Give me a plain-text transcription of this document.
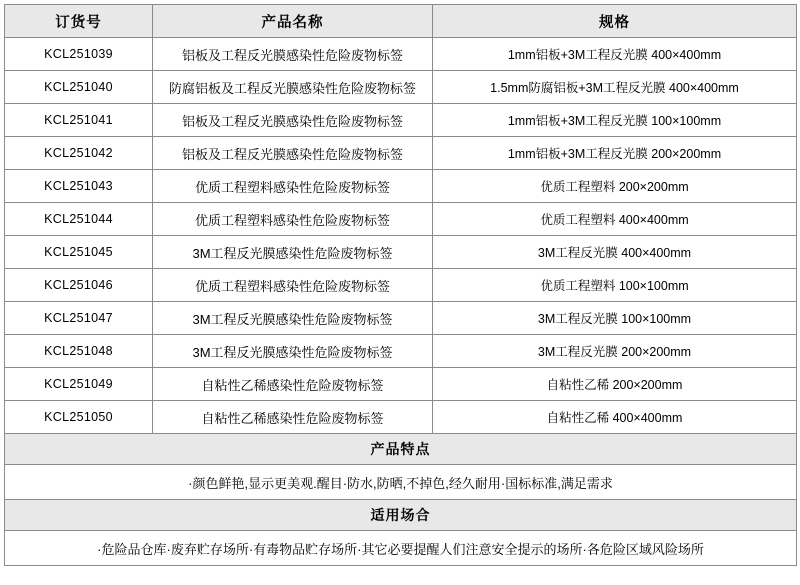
订货号	产品名称	规格
KCL251039	铝板及工程反光膜感染性危险废物标签	1mm铝板+3M工程反光膜 400×400mm
KCL251040	防腐铝板及工程反光膜感染性危险废物标签	1.5mm防腐铝板+3M工程反光膜 400×400mm
KCL251041	铝板及工程反光膜感染性危险废物标签	1mm铝板+3M工程反光膜 100×100mm
KCL251042	铝板及工程反光膜感染性危险废物标签	1mm铝板+3M工程反光膜 200×200mm
KCL251043	优质工程塑料感染性危险废物标签	优质工程塑料 200×200mm
KCL251044	优质工程塑料感染性危险废物标签	优质工程塑料 400×400mm
KCL251045	3M工程反光膜感染性危险废物标签	3M工程反光膜 400×400mm
KCL251046	优质工程塑料感染性危险废物标签	优质工程塑料 100×100mm
KCL251047	3M工程反光膜感染性危险废物标签	3M工程反光膜 100×100mm
KCL251048	3M工程反光膜感染性危险废物标签	3M工程反光膜 200×200mm
KCL251049	自粘性乙稀感染性危险废物标签	自粘性乙稀 200×200mm
KCL251050	自粘性乙稀感染性危险废物标签	自粘性乙稀 400×400mm
产品特点		
·颜色鲜艳,显示更美观.醒目·防水,防晒,不掉色,经久耐用·国标标准,满足需求		
适用场合		
·危险品仓库·废弃贮存场所·有毒物品贮存场所·其它必要提醒人们注意安全提示的场所·各危险区域风险场所		
